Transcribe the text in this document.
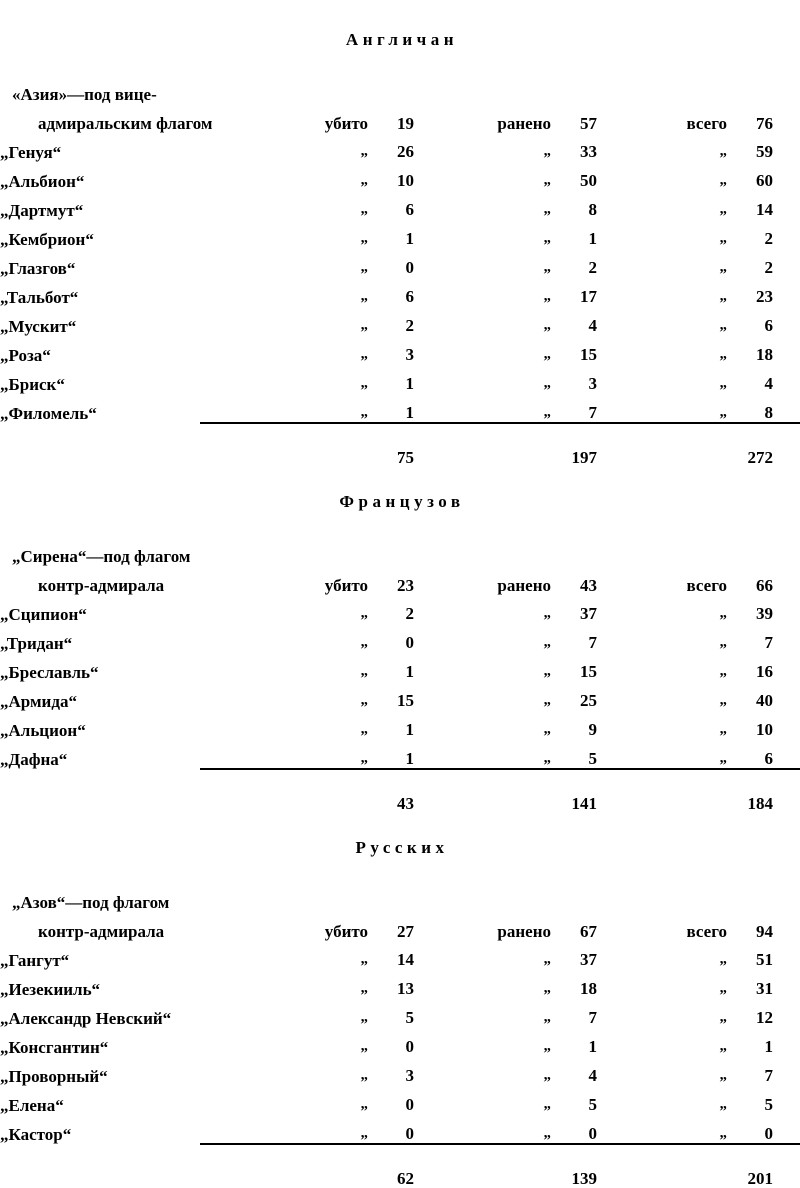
Англичан
«Азия»—под вице-			
адмиральским флагом	убито 19	ранено 57	всего 76
„Генуя“	„ 26	„ 33	„ 59
„Альбион“	„ 10	„ 50	„ 60
„Дартмут“	„ 6	„ 8	„ 14
„Кембрион“	„ 1	„ 1	„ 2
„Глазгов“	„ 0	„ 2	„ 2
„Тальбот“	„ 6	„ 17	„ 23
„Мускит“	„ 2	„ 4	„ 6
„Роза“	„ 3	„ 15	„ 18
„Бриск“	„ 1	„ 3	„ 4
„Филомель“	„ 1	„ 7	„ 8

	75	197	272
Французов
„Сирена“—под флагом			
контр-адмирала	убито 23	ранено 43	всего 66
„Сципион“	„ 2	„ 37	„ 39
„Тридан“	„ 0	„ 7	„ 7
„Бреславль“	„ 1	„ 15	„ 16
„Армида“	„ 15	„ 25	„ 40
„Альцион“	„ 1	„ 9	„ 10
„Дафна“	„ 1	„ 5	„ 6

	43	141	184
Русских
„Азов“—под флагом			
контр-адмирала	убито 27	ранено 67	всего 94
„Гангут“	„ 14	„ 37	„ 51
„Иезекииль“	„ 13	„ 18	„ 31
„Александр Невский“	„ 5	„ 7	„ 12
„Консгантин“	„ 0	„ 1	„ 1
„Проворный“	„ 3	„ 4	„ 7
„Елена“	„ 0	„ 5	„ 5
„Кастор“	„ 0	„ 0	„ 0

	62	139	201
